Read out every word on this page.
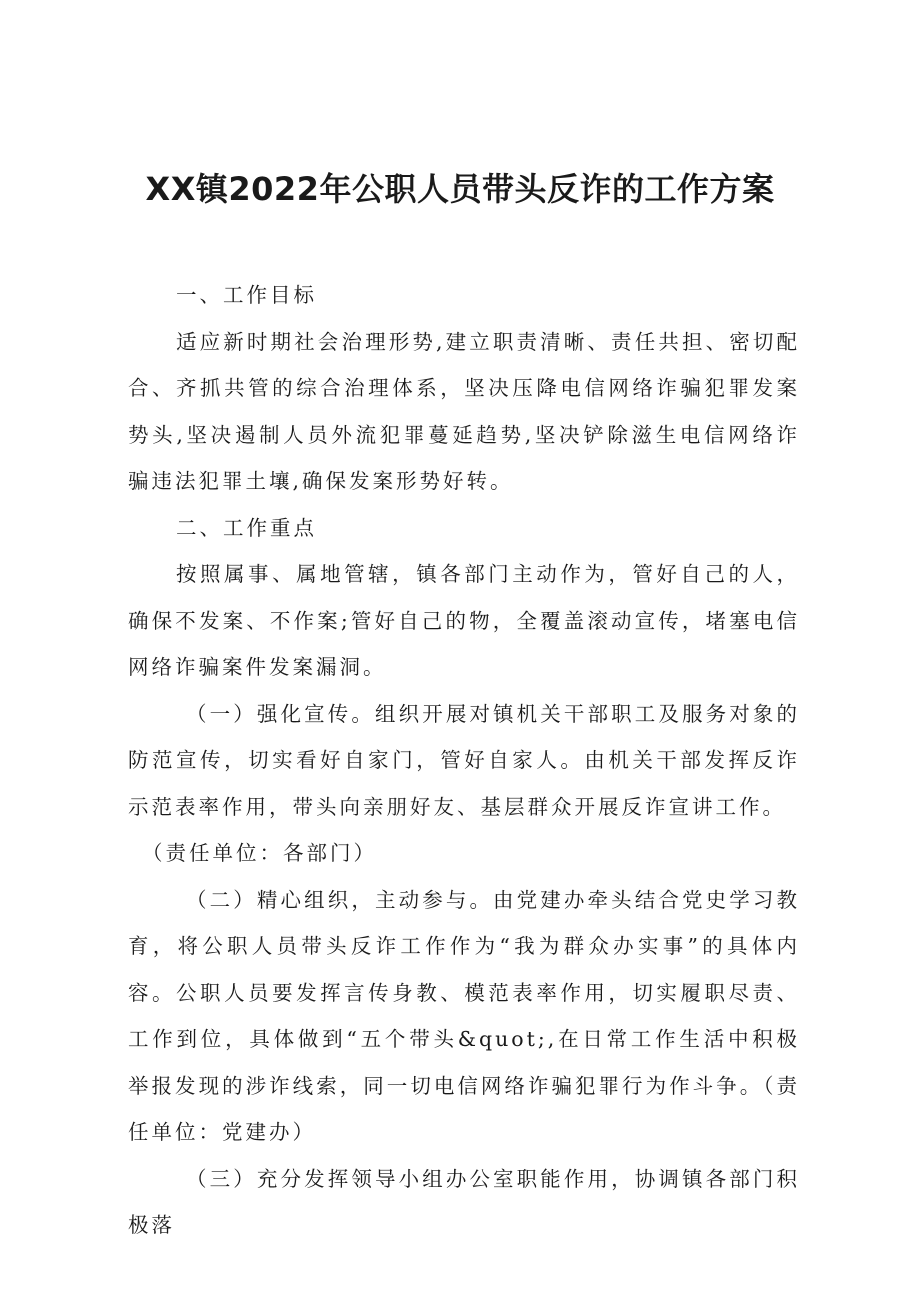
XX镇2022年公职人员带头反诈的工作方案

一、工作目标

适应新时期社会治理形势,建立职责清晰、责任共担、密切配合、齐抓共管的综合治理体系，坚决压降电信网络诈骗犯罪发案势头,坚决遏制人员外流犯罪蔓延趋势,坚决铲除滋生电信网络诈骗违法犯罪土壤,确保发案形势好转。

二、工作重点

按照属事、属地管辖，镇各部门主动作为，管好自己的人，确保不发案、不作案;管好自己的物，全覆盖滚动宣传，堵塞电信网络诈骗案件发案漏洞。

（一）强化宣传。组织开展对镇机关干部职工及服务对象的防范宣传，切实看好自家门，管好自家人。由机关干部发挥反诈示范表率作用，带头向亲朋好友、基层群众开展反诈宣讲工作。

（责任单位：各部门）

（二）精心组织，主动参与。由党建办牵头结合党史学习教育，将公职人员带头反诈工作作为“我为群众办实事”的具体内容。公职人员要发挥言传身教、模范表率作用，切实履职尽责、工作到位，具体做到“五个带头&quot;,在日常工作生活中积极举报发现的涉诈线索，同一切电信网络诈骗犯罪行为作斗争。（责任单位：党建办）

（三）充分发挥领导小组办公室职能作用，协调镇各部门积极落
